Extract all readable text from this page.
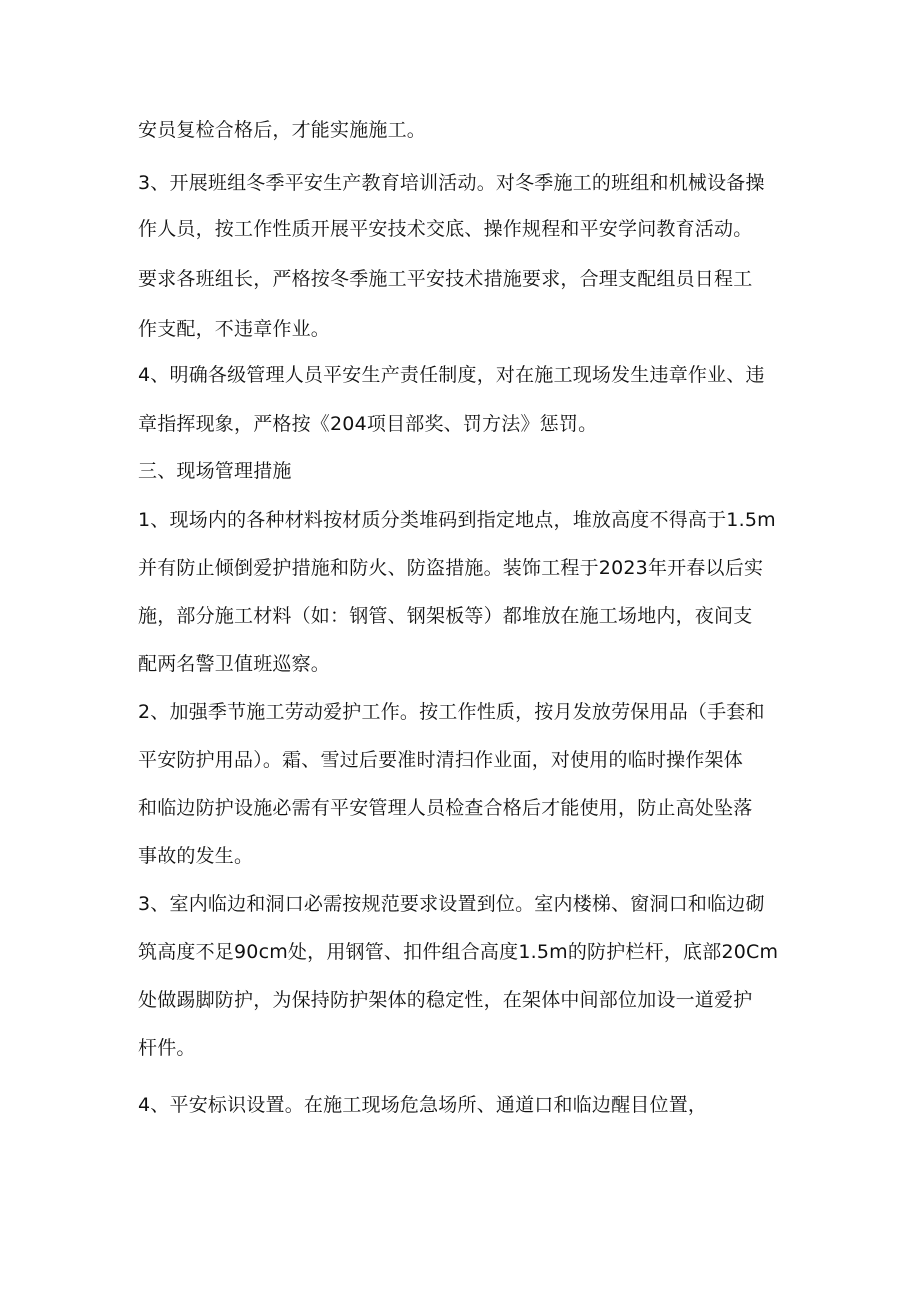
安员复检合格后，才能实施施工。
3、开展班组冬季平安生产教育培训活动。对冬季施工的班组和机械设备操
作人员，按工作性质开展平安技术交底、操作规程和平安学问教育活动。
要求各班组长，严格按冬季施工平安技术措施要求，合理支配组员日程工
作支配，不违章作业。
4、明确各级管理人员平安生产责任制度，对在施工现场发生违章作业、违
章指挥现象，严格按《204项目部奖、罚方法》惩罚。
三、现场管理措施
1、现场内的各种材料按材质分类堆码到指定地点，堆放高度不得高于1.5m
并有防止倾倒爱护措施和防火、防盗措施。装饰工程于2023年开春以后实
施，部分施工材料（如：钢管、钢架板等）都堆放在施工场地内，夜间支
配两名警卫值班巡察。
2、加强季节施工劳动爱护工作。按工作性质，按月发放劳保用品（手套和
平安防护用品）。霜、雪过后要准时清扫作业面，对使用的临时操作架体
和临边防护设施必需有平安管理人员检查合格后才能使用，防止高处坠落
事故的发生。
3、室内临边和洞口必需按规范要求设置到位。室内楼梯、窗洞口和临边砌
筑高度不足90cm处，用钢管、扣件组合高度1.5m的防护栏杆，底部20Cm
处做踢脚防护，为保持防护架体的稳定性，在架体中间部位加设一道爱护
杆件。
4、平安标识设置。在施工现场危急场所、通道口和临边醒目位置，
